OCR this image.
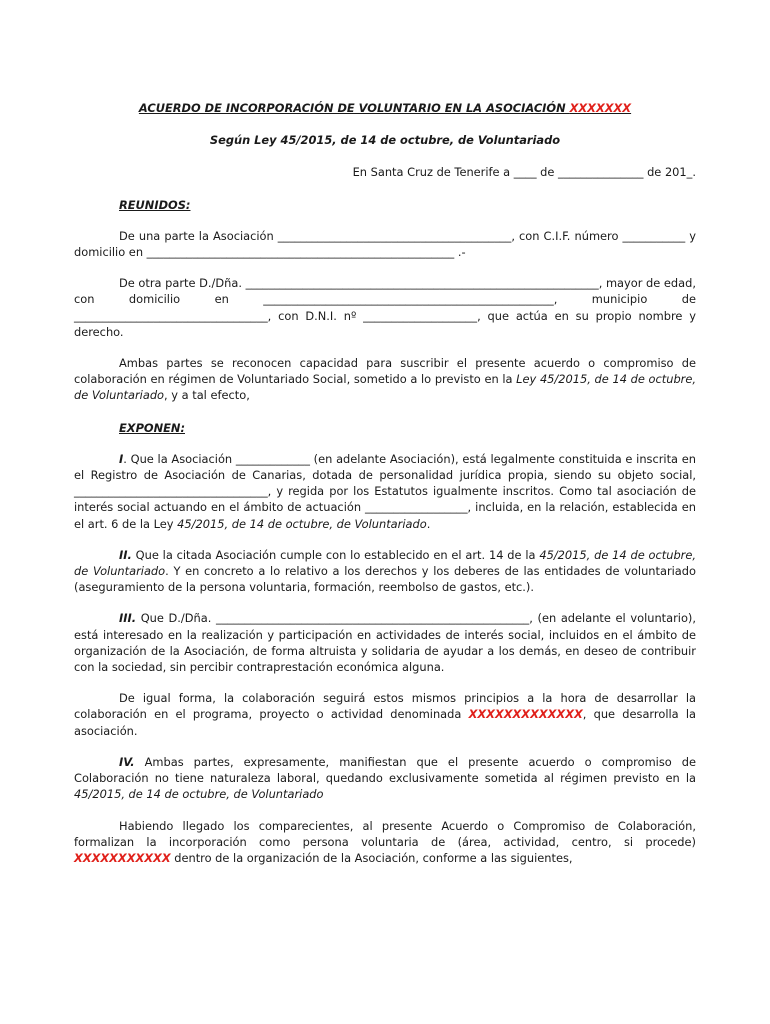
ACUERDO DE INCORPORACIÓN DE VOLUNTARIO EN LA ASOCIACIÓN XXXXXXX

Según Ley 45/2015, de 14 de octubre, de Voluntariado

En Santa Cruz de Tenerife a ____ de _______________ de 201_.

REUNIDOS:

De una parte la Asociación _________________________________________, con C.I.F. número ___________ y domicilio en ______________________________________________________ .-

De otra parte D./Dña. ______________________________________________________________, mayor de edad, con domicilio en ___________________________________________________, municipio de __________________________________, con D.N.I. nº ____________________, que actúa en su propio nombre y derecho.

Ambas partes se reconocen capacidad para suscribir el presente acuerdo o compromiso de colaboración en régimen de Voluntariado Social, sometido a lo previsto en la Ley 45/2015, de 14 de octubre, de Voluntariado, y a tal efecto,

EXPONEN:

I. Que la Asociación _____________ (en adelante Asociación), está legalmente constituida e inscrita en el Registro de Asociación de Canarias, dotada de personalidad jurídica propia, siendo su objeto social, __________________________________, y regida por los Estatutos igualmente inscritos. Como tal asociación de interés social actuando en el ámbito de actuación __________________, incluida, en la relación, establecida en el art. 6 de la Ley 45/2015, de 14 de octubre, de Voluntariado.

II. Que la citada Asociación cumple con lo establecido en el art. 14 de la 45/2015, de 14 de octubre, de Voluntariado. Y en concreto a lo relativo a los derechos y los deberes de las entidades de voluntariado (aseguramiento de la persona voluntaria, formación, reembolso de gastos, etc.).

III. Que D./Dña. _______________________________________________________, (en adelante el voluntario), está interesado en la realización y participación en actividades de interés social, incluidos en el ámbito de organización de la Asociación, de forma altruista y solidaria de ayudar a los demás, en deseo de contribuir con la sociedad, sin percibir contraprestación económica alguna.

De igual forma, la colaboración seguirá estos mismos principios a la hora de desarrollar la colaboración en el programa, proyecto o actividad denominada XXXXXXXXXXXXX, que desarrolla la asociación.

IV. Ambas partes, expresamente, manifiestan que el presente acuerdo o compromiso de Colaboración no tiene naturaleza laboral, quedando exclusivamente sometida al régimen previsto en la 45/2015, de 14 de octubre, de Voluntariado

Habiendo llegado los comparecientes, al presente Acuerdo o Compromiso de Colaboración, formalizan la incorporación como persona voluntaria de (área, actividad, centro, si procede) XXXXXXXXXXX dentro de la organización de la Asociación, conforme a las siguientes,
